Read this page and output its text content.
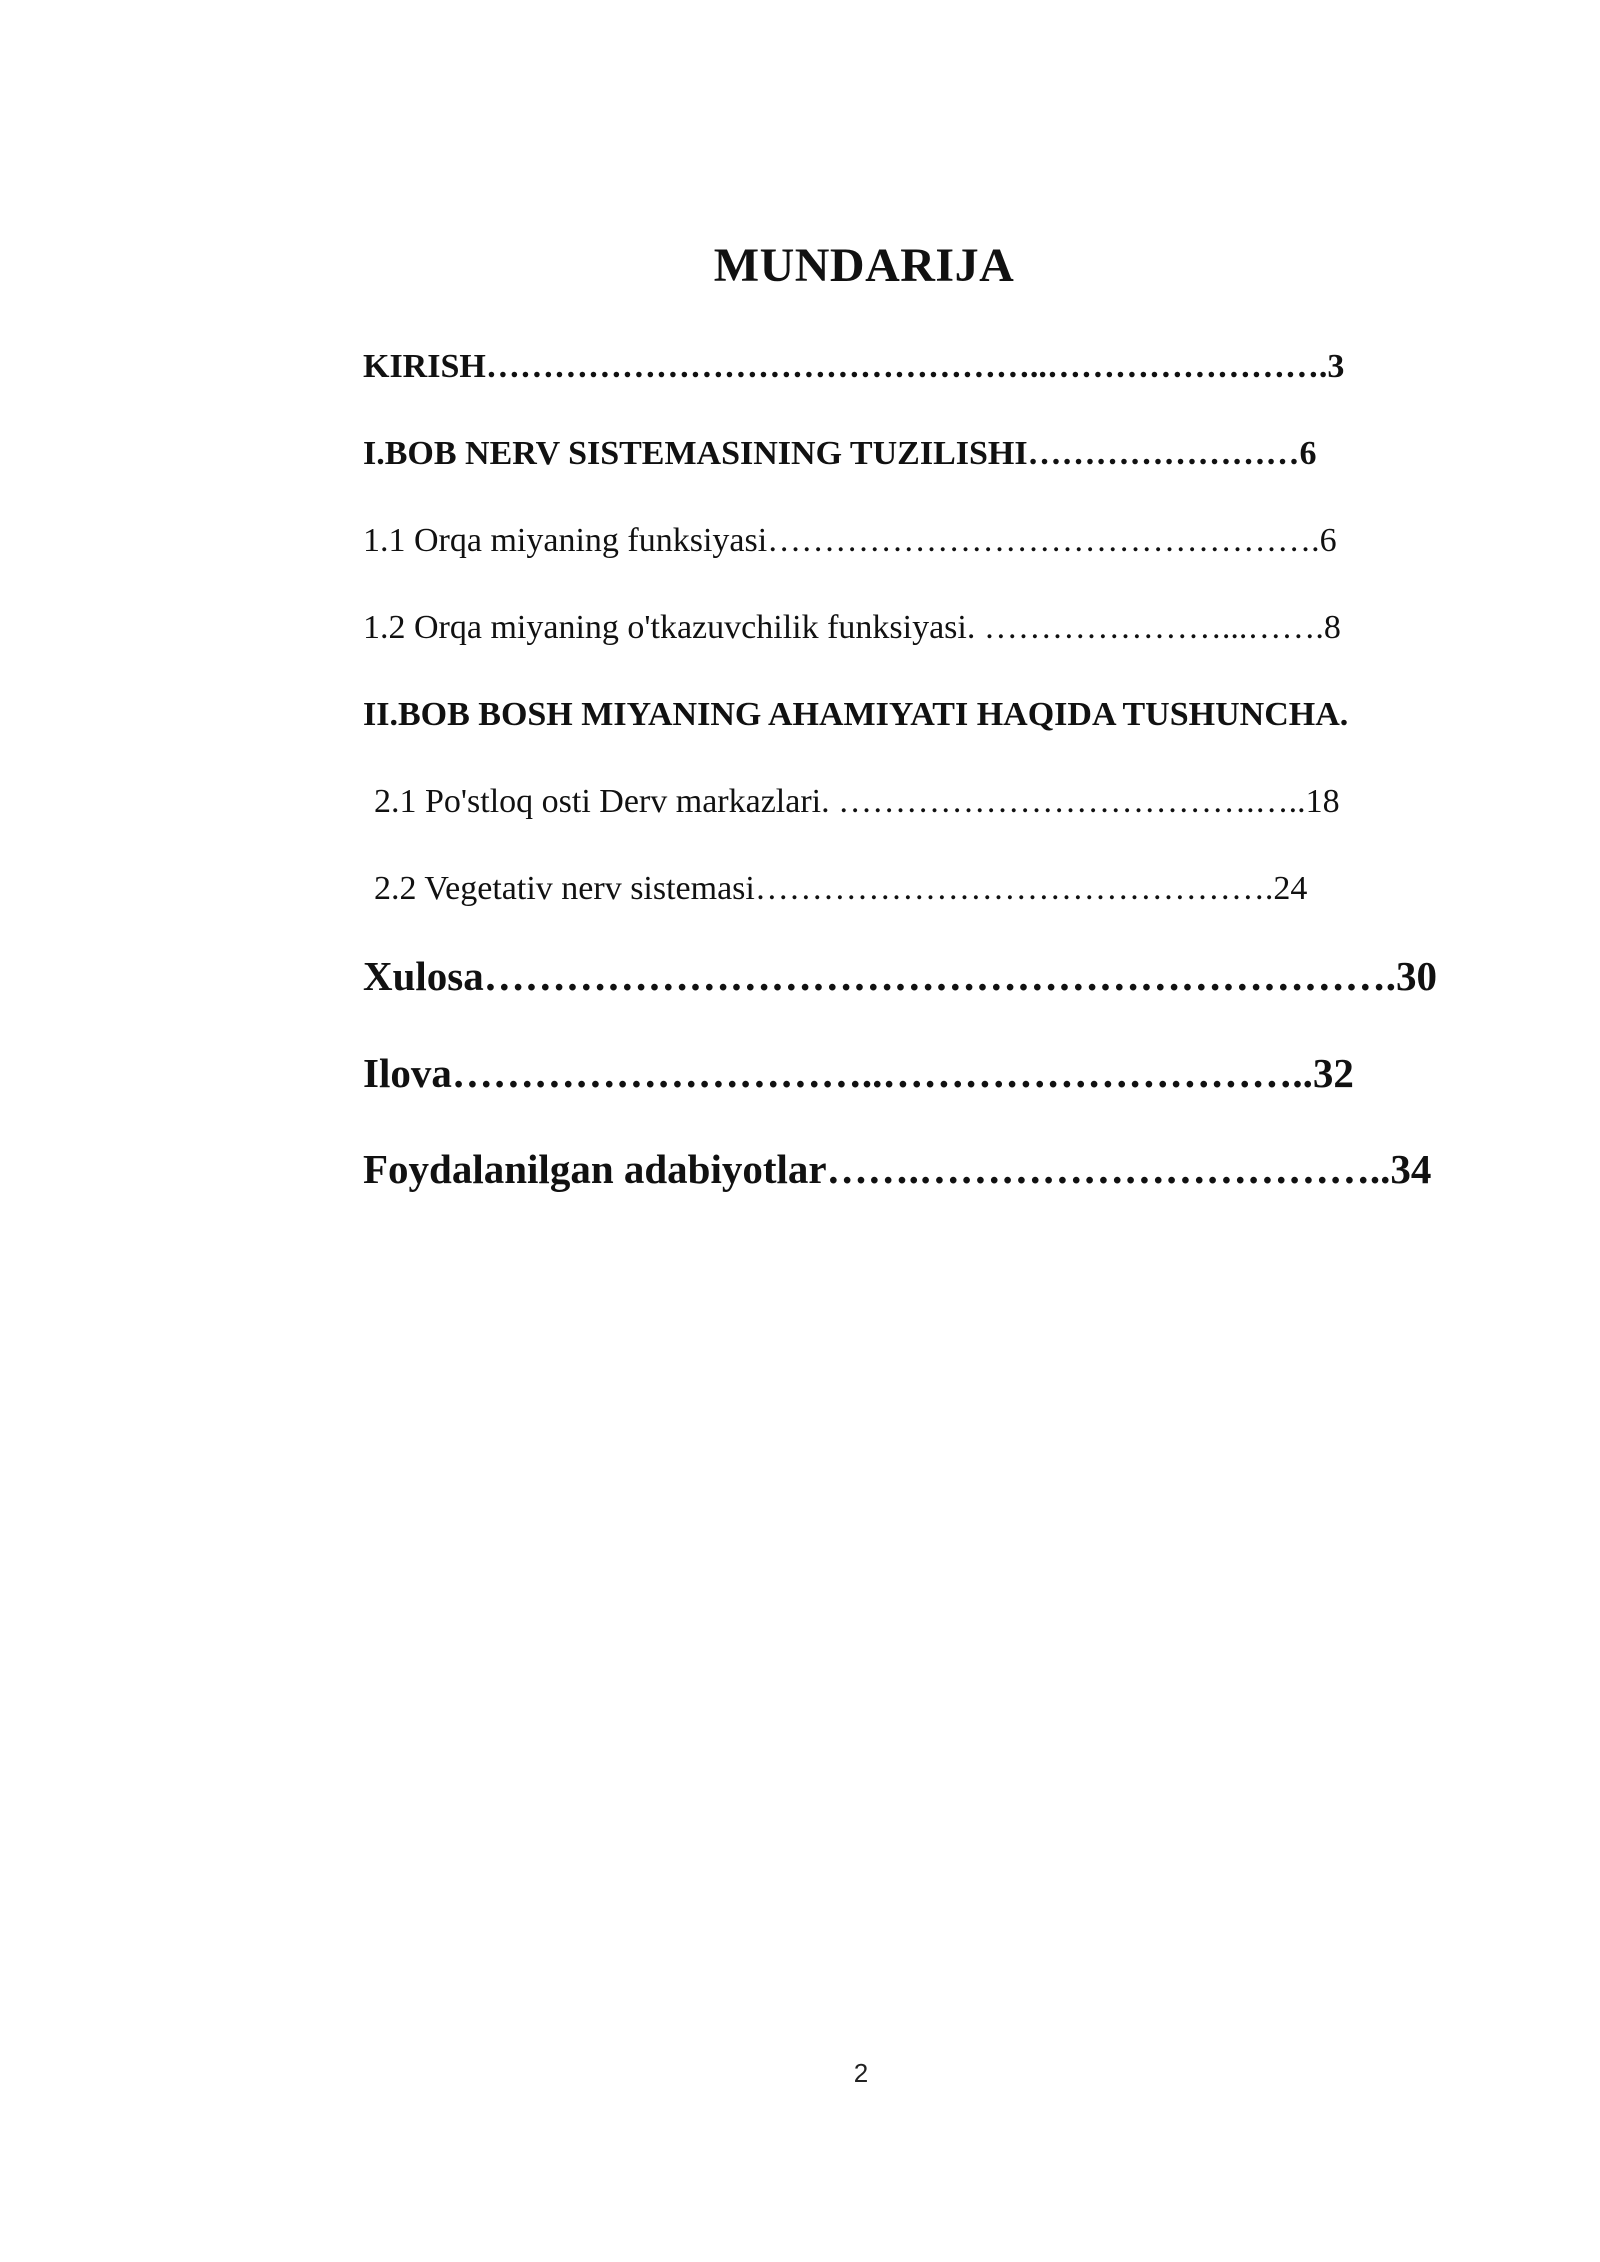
MUNDARIJA
KIRISH…………………………………………..…………………….3
I.BOB NERV SISTEMASINING TUZILISHI……………………6
1.1 Orqa miyaning funksiyasi………………………………………….6
1.2 Orqa miyaning o'tkazuvchilik funksiyasi. …………………...…….8
II.BOB BOSH MIYANING AHAMIYATI HAQIDA TUSHUNCHA.
2.1 Po'stloq osti Derv markazlari. ……………………………….…..18
2.2 Vegetativ nerv sistemasi……………………………………….24
Xulosa………………………………………………………….30
Ilova…………………………..…………………………..32
Foydalanilgan adabiyotlar…….……………………………..34
2
